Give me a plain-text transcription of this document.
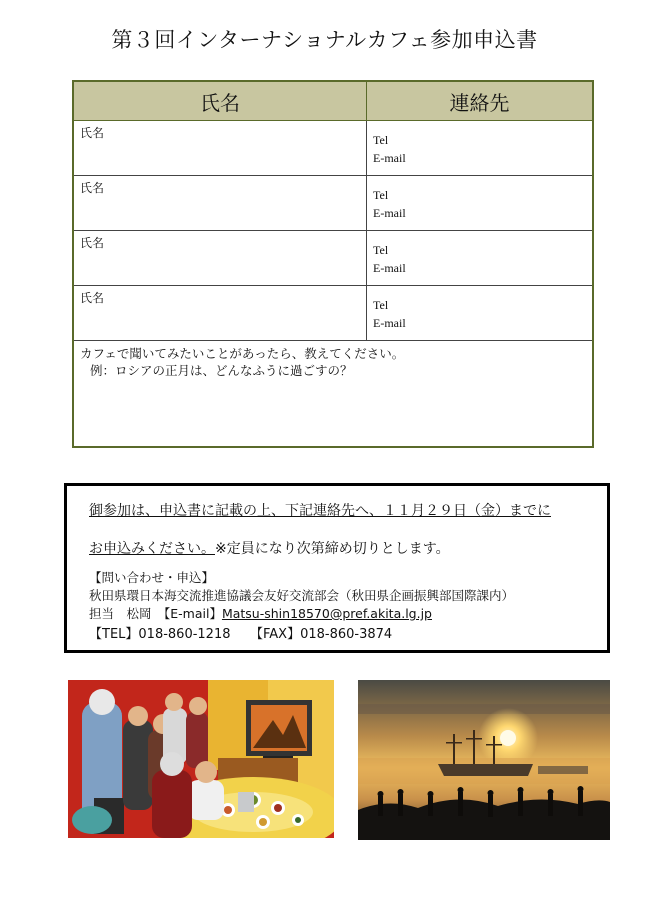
第３回インターナショナルカフェ参加申込書
氏名	連絡先

氏名	Tel
E-mail

氏名	Tel
E-mail

氏名	Tel
E-mail

氏名	Tel
E-mail

カフェで聞いてみたいことがあったら、教えてください。
例：ロシアの正月は、どんなふうに過ごすの？	
御参加は、申込書に記載の上、下記連絡先へ、１１月２９日（金）までに
お申込みください。※定員になり次第締め切りとします。
【問い合わせ・申込】
秋田県環日本海交流推進協議会友好交流部会（秋田県企画振興部国際課内）
担当　松岡　【E-mail】Matsu-shin18570@pref.akita.lg.jp
【TEL】018-860-1218　　【FAX】018-860-3874
